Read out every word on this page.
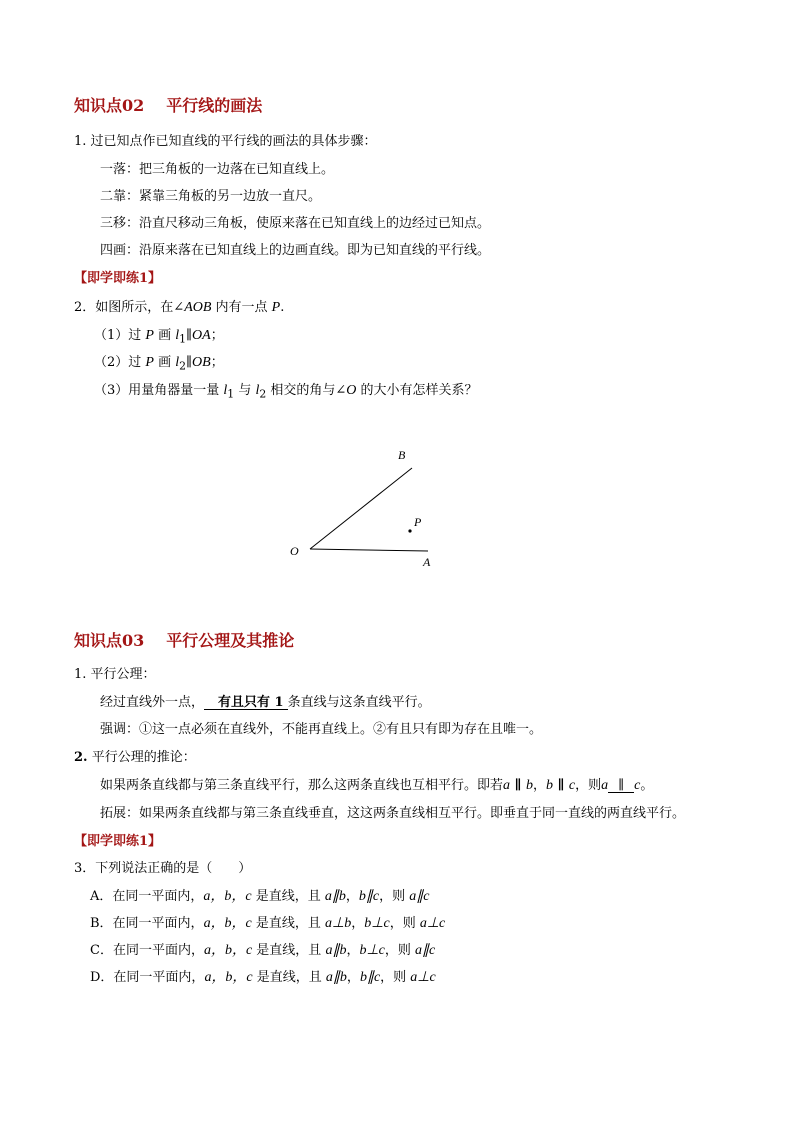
知识点02 平行线的画法
1. 过已知点作已知直线的平行线的画法的具体步骤：
一落：把三角板的一边落在已知直线上。
二靠：紧靠三角板的另一边放一直尺。
三移：沿直尺移动三角板，使原来落在已知直线上的边经过已知点。
四画：沿原来落在已知直线上的边画直线。即为已知直线的平行线。
【即学即练1】
2．如图所示，在∠AOB 内有一点 P.
（1）过 P 画 $l_1\parallel OA$；
（2）过 P 画 $l_2\parallel OB$；
（3）用量角器量一量 $l_1$ 与 $l_2$ 相交的角与∠O 的大小有怎样关系？
B
P
O
A
知识点03 平行公理及其推论
1. 平行公理：
经过直线外一点， 有且只有 1 条直线与这条直线平行。
强调：①这一点必须在直线外，不能再直线上。②有且只有即为存在且唯一。
2. 平行公理的推论：
如果两条直线都与第三条直线平行，那么这两条直线也互相平行。即若a ∥ b，b ∥ c，则a ∥ c。
拓展：如果两条直线都与第三条直线垂直，这这两条直线相互平行。即垂直于同一直线的两直线平行。
【即学即练1】
3．下列说法正确的是（　　）
A．在同一平面内，a，b，c 是直线，且 a∥b，b∥c，则 a∥c
B．在同一平面内，a，b，c 是直线，且 a⊥b，b⊥c，则 a⊥c
C．在同一平面内，a，b，c 是直线，且 a∥b，b⊥c，则 a∥c
D．在同一平面内，a，b，c 是直线，且 a∥b，b∥c，则 a⊥c
